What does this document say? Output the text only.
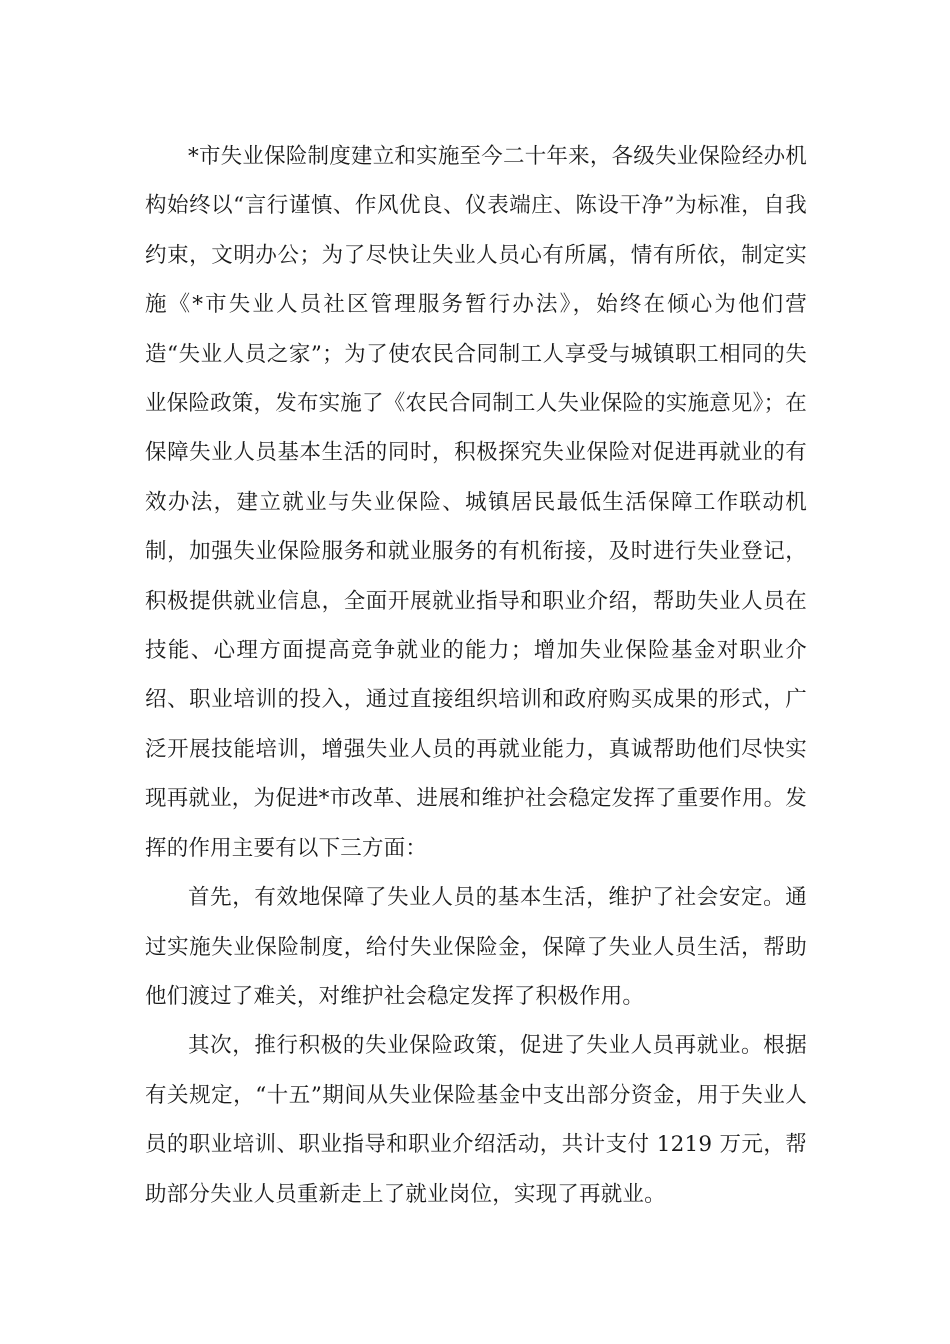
*市失业保险制度建立和实施至今二十年来，各级失业保险经办机构始终以“言行谨慎、作风优良、仪表端庄、陈设干净”为标准，自我约束，文明办公；为了尽快让失业人员心有所属，情有所依，制定实施《*市失业人员社区管理服务暂行办法》，始终在倾心为他们营造“失业人员之家”；为了使农民合同制工人享受与城镇职工相同的失业保险政策，发布实施了《农民合同制工人失业保险的实施意见》；在保障失业人员基本生活的同时，积极探究失业保险对促进再就业的有效办法，建立就业与失业保险、城镇居民最低生活保障工作联动机制，加强失业保险服务和就业服务的有机衔接，及时进行失业登记，积极提供就业信息，全面开展就业指导和职业介绍，帮助失业人员在技能、心理方面提高竞争就业的能力；增加失业保险基金对职业介绍、职业培训的投入，通过直接组织培训和政府购买成果的形式，广泛开展技能培训，增强失业人员的再就业能力，真诚帮助他们尽快实现再就业，为促进*市改革、进展和维护社会稳定发挥了重要作用。发挥的作用主要有以下三方面：

首先，有效地保障了失业人员的基本生活，维护了社会安定。通过实施失业保险制度，给付失业保险金，保障了失业人员生活，帮助他们渡过了难关，对维护社会稳定发挥了积极作用。

其次，推行积极的失业保险政策，促进了失业人员再就业。根据有关规定，“十五”期间从失业保险基金中支出部分资金，用于失业人员的职业培训、职业指导和职业介绍活动，共计支付 1219 万元，帮助部分失业人员重新走上了就业岗位，实现了再就业。
